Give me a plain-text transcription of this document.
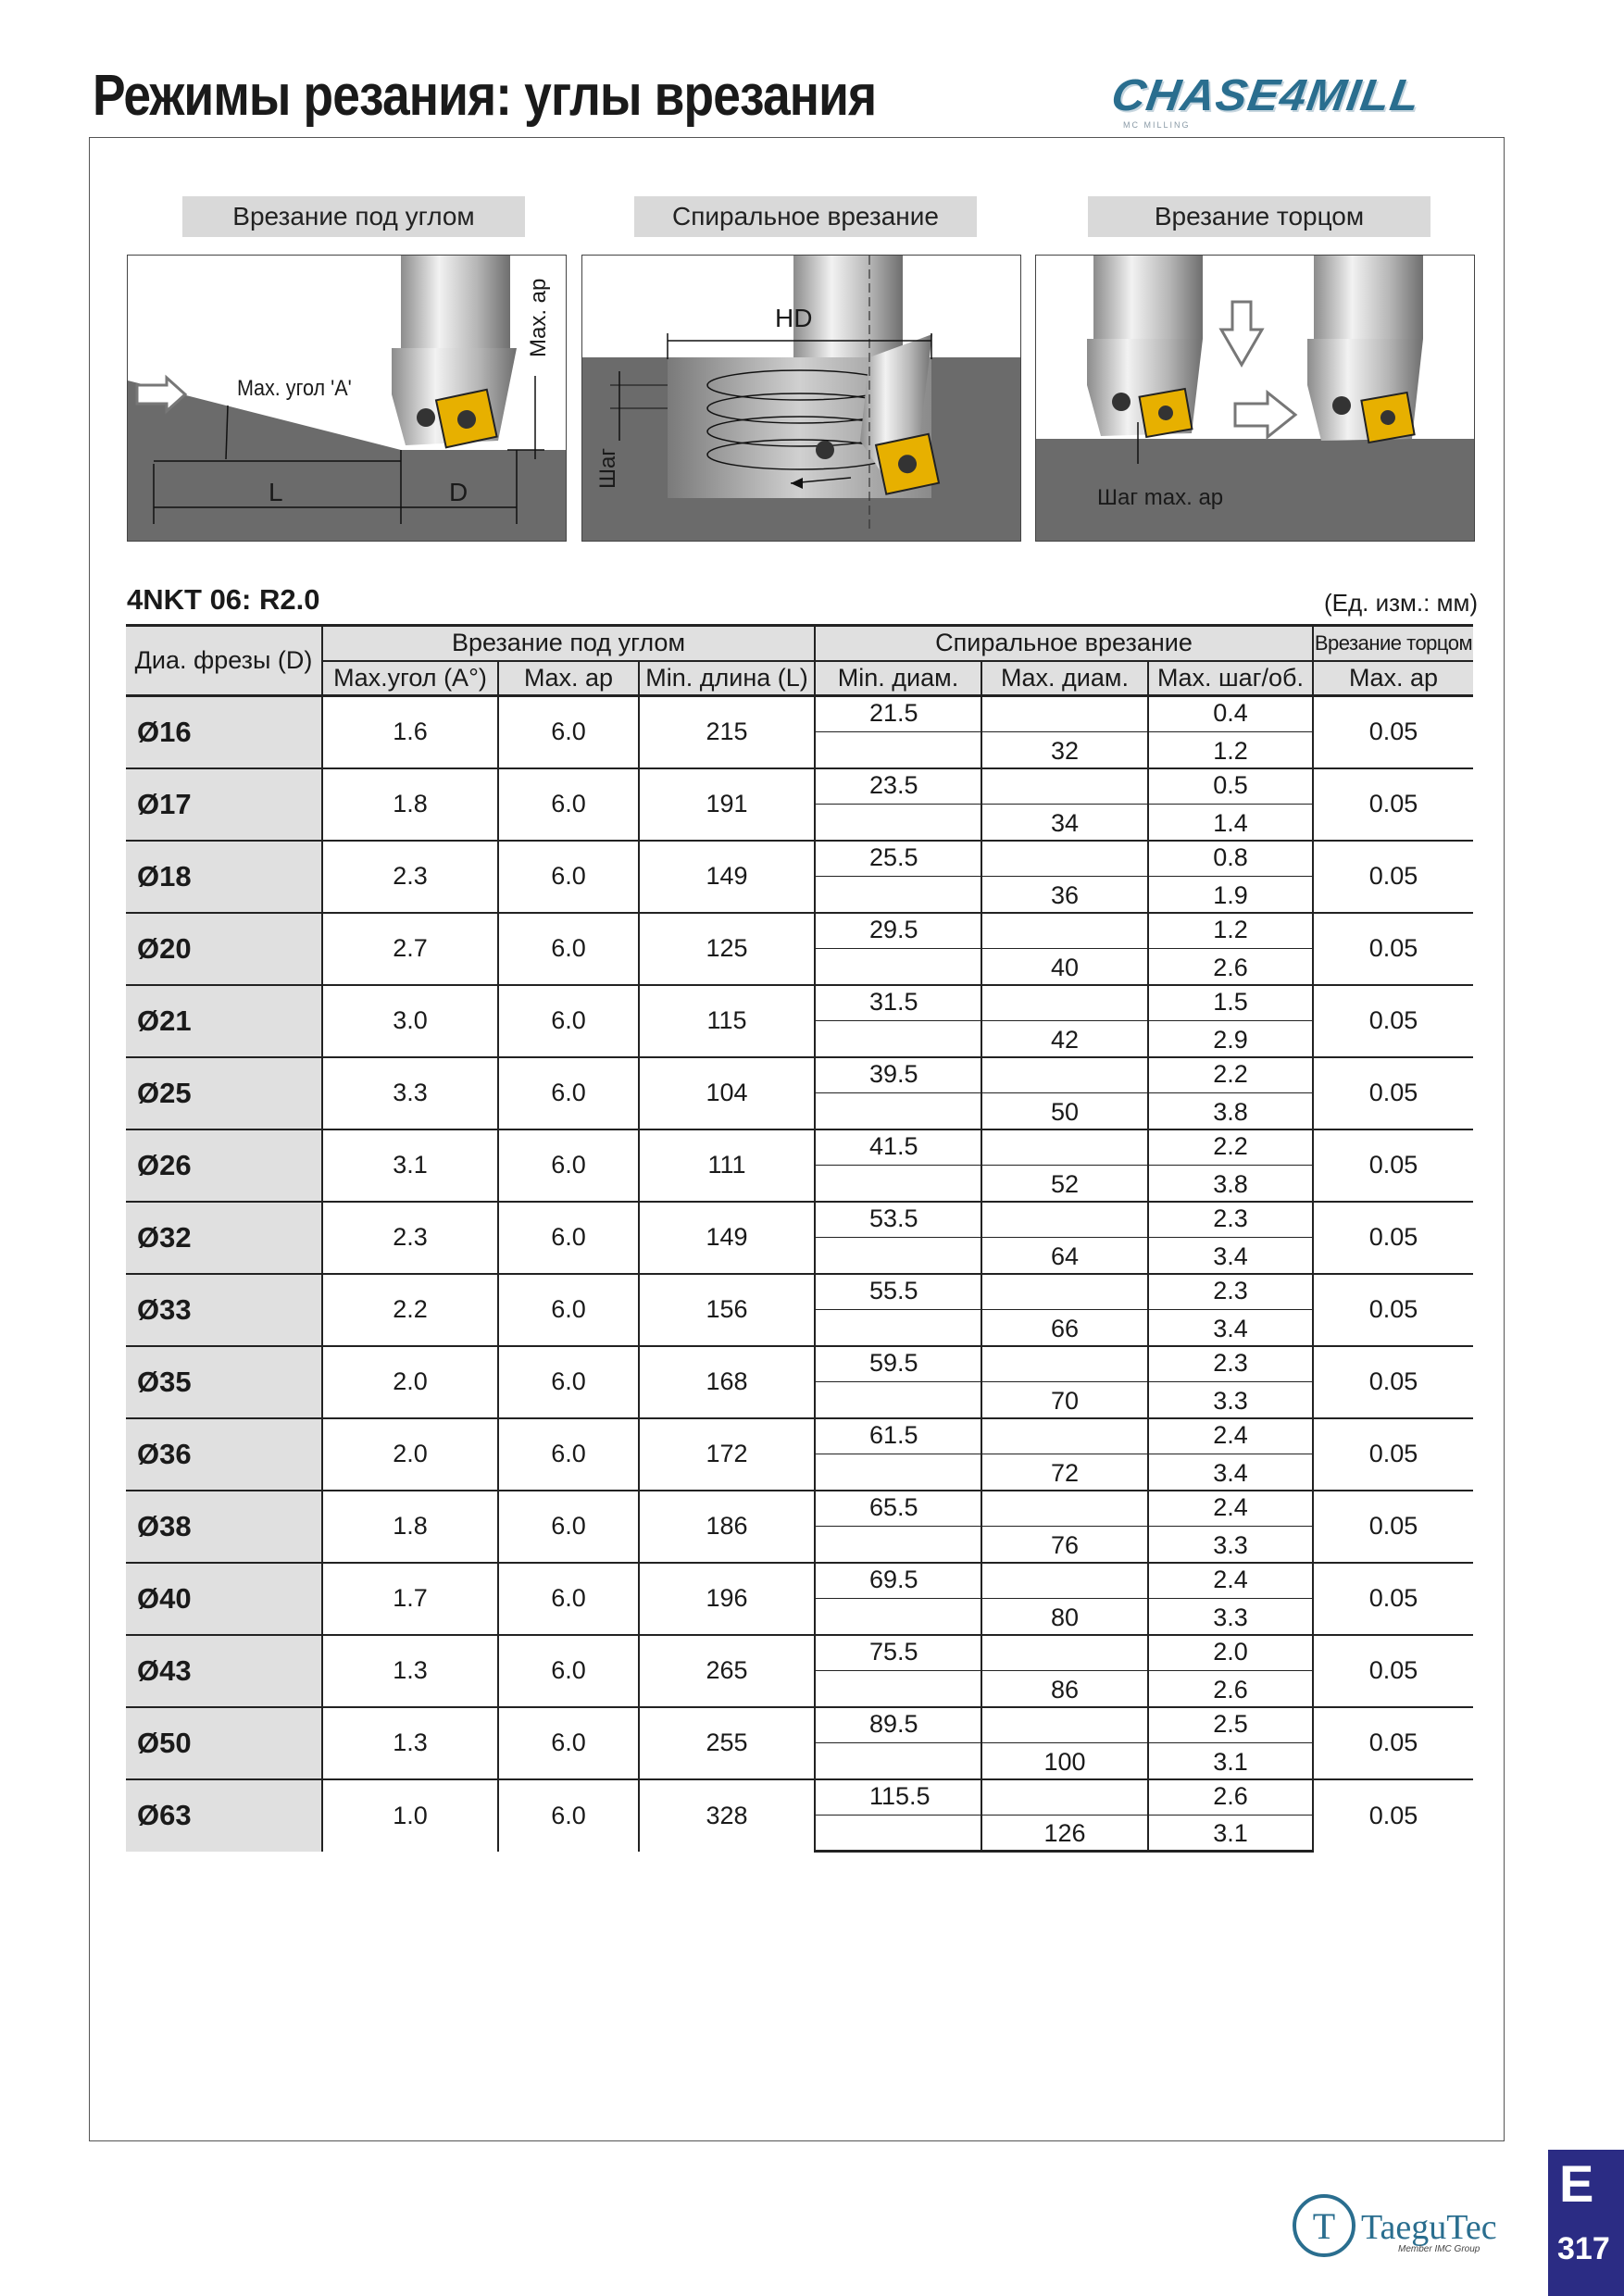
Режимы резания: углы врезания	CHASE4MILL
MC MILLING
Врезание под углом	Спиральное врезание	Врезание торцом
Max. угол 'A'
Max. ap
L	D
HD
Шаг
Шаг max. ap
4NKT 06: R2.0	(Ед. изм.: мм)
Диа. фрезы (D)	Врезание под углом			Спиральное врезание			Врезание торцом
	Max.угол (A°)	Max. ap	Min. длина (L)	Min. диам.	Max. диам.	Max. шаг/об.	Max. ap
Ø16	1.6	6.0	215	21.5		0.4	0.05
					32	1.2	
Ø17	1.8	6.0	191	23.5		0.5	0.05
					34	1.4	
Ø18	2.3	6.0	149	25.5		0.8	0.05
					36	1.9	
Ø20	2.7	6.0	125	29.5		1.2	0.05
					40	2.6	
Ø21	3.0	6.0	115	31.5		1.5	0.05
					42	2.9	
Ø25	3.3	6.0	104	39.5		2.2	0.05
					50	3.8	
Ø26	3.1	6.0	111	41.5		2.2	0.05
					52	3.8	
Ø32	2.3	6.0	149	53.5		2.3	0.05
					64	3.4	
Ø33	2.2	6.0	156	55.5		2.3	0.05
					66	3.4	
Ø35	2.0	6.0	168	59.5		2.3	0.05
					70	3.3	
Ø36	2.0	6.0	172	61.5		2.4	0.05
					72	3.4	
Ø38	1.8	6.0	186	65.5		2.4	0.05
					76	3.3	
Ø40	1.7	6.0	196	69.5		2.4	0.05
					80	3.3	
Ø43	1.3	6.0	265	75.5		2.0	0.05
					86	2.6	
Ø50	1.3	6.0	255	89.5		2.5	0.05
					100	3.1	
Ø63	1.0	6.0	328	115.5		2.6	0.05
					126	3.1	
T TaeguTec
Member IMC Group
E
317
